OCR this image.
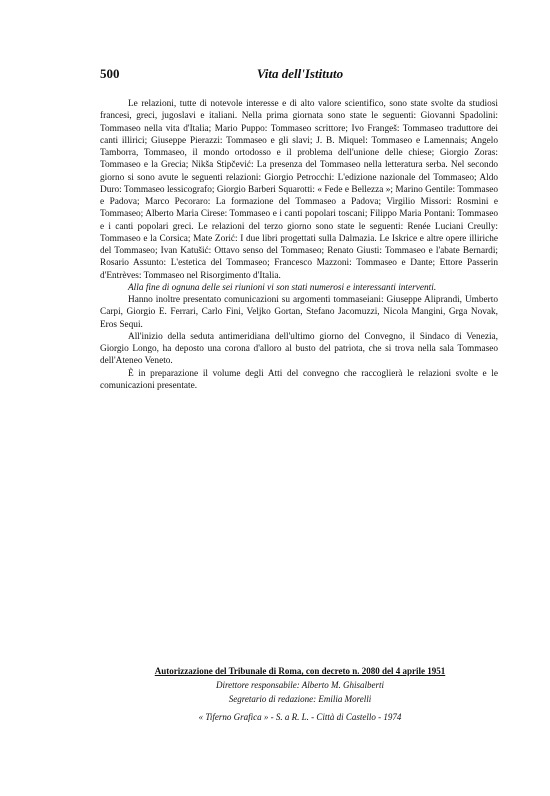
500	Vita dell'Istituto

Le relazioni, tutte di notevole interesse e di alto valore scientifico, sono state svolte da studiosi francesi, greci, jugoslavi e italiani. Nella prima giornata sono state le seguenti: Giovanni Spadolini: Tommaseo nella vita d'Italia; Mario Puppo: Tommaseo scrittore; Ivo Frangeš: Tommaseo traduttore dei canti illirici; Giuseppe Pierazzi: Tommaseo e gli slavi; J. B. Miquel: Tommaseo e Lamennais; Angelo Tamborra, Tommaseo, il mondo ortodosso e il problema dell'unione delle chiese; Giorgio Zoras: Tommaseo e la Grecia; Nikša Stipčević: La presenza del Tommaseo nella letteratura serba. Nel secondo giorno si sono avute le seguenti relazioni: Giorgio Petrocchi: L'edizione nazionale del Tommaseo; Aldo Duro: Tommaseo lessicografo; Giorgio Barberi Squarotti: « Fede e Bellezza »; Marino Gentile: Tommaseo e Padova; Marco Pecoraro: La formazione del Tommaseo a Padova; Virgilio Missori: Rosmini e Tommaseo; Alberto Maria Cirese: Tommaseo e i canti popolari toscani; Filippo Maria Pontani: Tommaseo e i canti popolari greci. Le relazioni del terzo giorno sono state le seguenti: Renée Luciani Creully: Tommaseo e la Corsica; Mate Zorić: I due libri progettati sulla Dalmazia. Le Iskrice e altre opere illiriche del Tommaseo; Ivan Katušić: Ottavo senso del Tommaseo; Renato Giusti: Tommaseo e l'abate Bernardi; Rosario Assunto: L'estetica del Tommaseo; Francesco Mazzoni: Tommaseo e Dante; Ettore Passerin d'Entrèves: Tommaseo nel Risorgimento d'Italia.

Alla fine di ognuna delle sei riunioni vi son stati numerosi e interessanti interventi.

Hanno inoltre presentato comunicazioni su argomenti tommaseiani: Giuseppe Aliprandi, Umberto Carpi, Giorgio E. Ferrari, Carlo Fini, Veljko Gortan, Stefano Jacomuzzi, Nicola Mangini, Grga Novak, Eros Sequi.

All'inizio della seduta antimeridiana dell'ultimo giorno del Convegno, il Sindaco di Venezia, Giorgio Longo, ha deposto una corona d'alloro al busto del patriota, che si trova nella sala Tommaseo dell'Ateneo Veneto.

È in preparazione il volume degli Atti del convegno che raccoglierà le relazioni svolte e le comunicazioni presentate.

Autorizzazione del Tribunale di Roma, con decreto n. 2080 del 4 aprile 1951
Direttore responsabile: Alberto M. Ghisalberti
Segretario di redazione: Emilia Morelli
« Tiferno Grafica » - S. a R. L. - Città di Castello - 1974
